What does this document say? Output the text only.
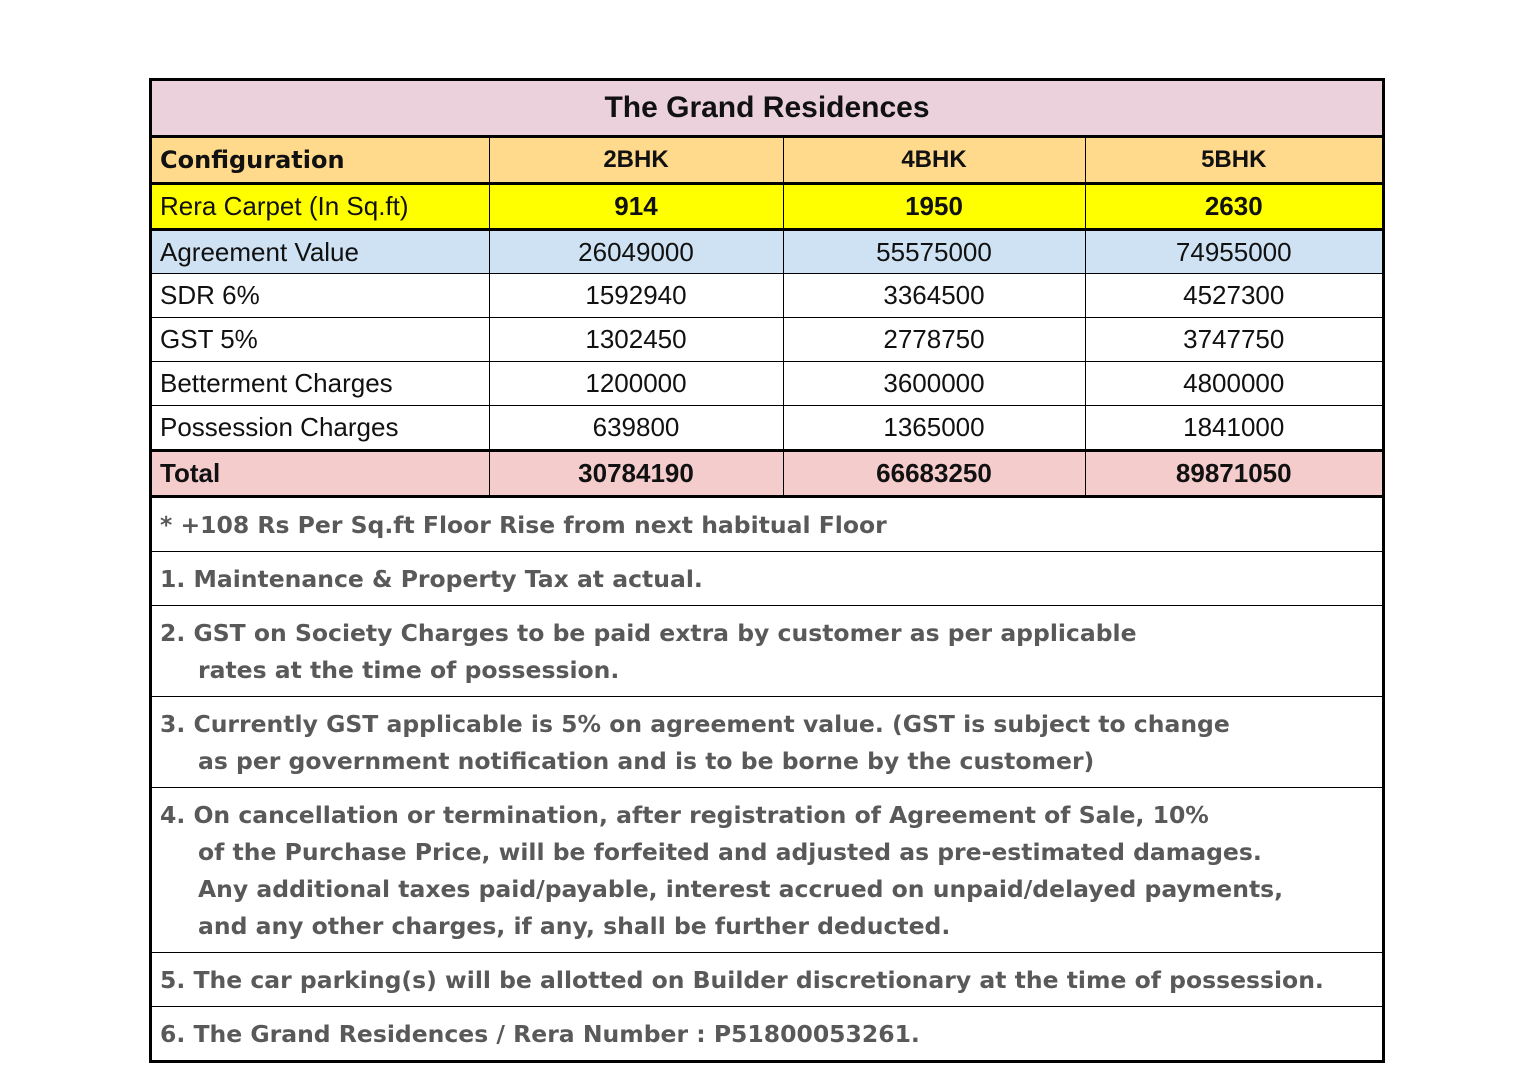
The Grand Residences
Configuration	2BHK	4BHK	5BHK
Rera Carpet (In Sq.ft)	914	1950	2630
Agreement Value	26049000	55575000	74955000
SDR 6%	1592940	3364500	4527300
GST 5%	1302450	2778750	3747750
Betterment Charges	1200000	3600000	4800000
Possession Charges	639800	1365000	1841000
Total	30784190	66683250	89871050
* +108 Rs Per Sq.ft Floor Rise from next habitual Floor
1. Maintenance & Property Tax at actual.
2. GST on Society Charges to be paid extra by customer as per applicable
rates at the time of possession.
3. Currently GST applicable is 5% on agreement value. (GST is subject to change
as per government notification and is to be borne by the customer)
4. On cancellation or termination, after registration of Agreement of Sale, 10%
of the Purchase Price, will be forfeited and adjusted as pre-estimated damages.
Any additional taxes paid/payable, interest accrued on unpaid/delayed payments,
and any other charges, if any, shall be further deducted.
5. The car parking(s) will be allotted on Builder discretionary at the time of possession.
6. The Grand Residences / Rera Number : P51800053261.
